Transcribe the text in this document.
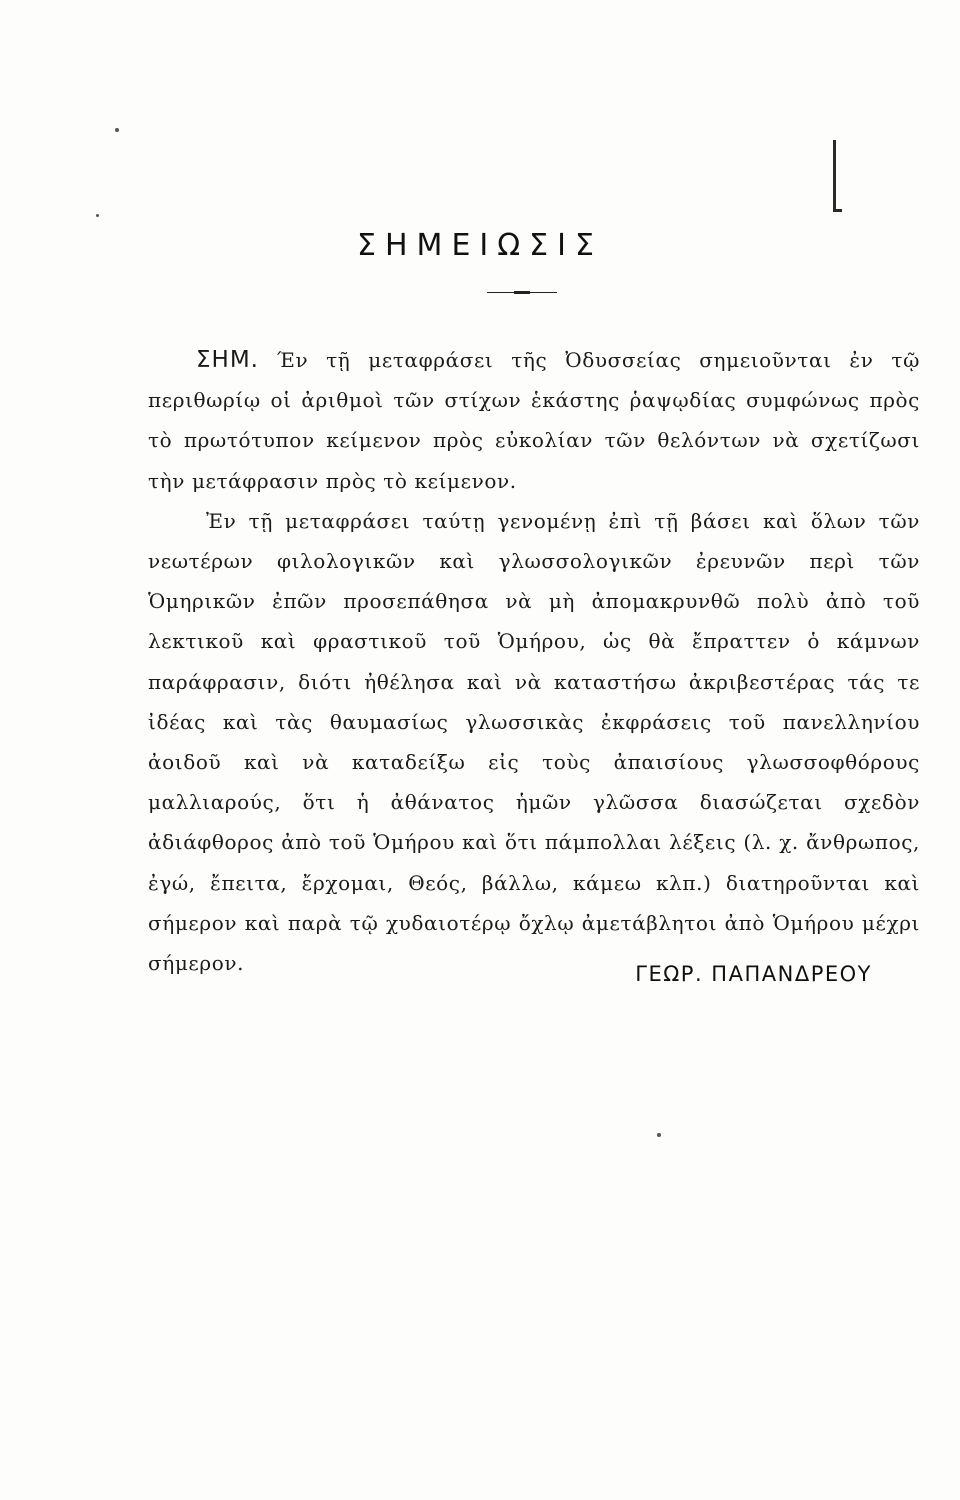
ΣΗΜΕΙΩΣΙΣ

ΣΗΜ. Έν τῇ μεταφράσει τῆς Ὀδυσσείας σημειοῦνται ἐν τῷ περιθωρίῳ οἱ ἀριθμοὶ τῶν στίχων ἑκάστης ῥαψῳδίας συμφώνως πρὸς τὸ πρωτότυπον κείμενον πρὸς εὐκολίαν τῶν θελόντων νὰ σχετίζωσι τὴν μετάφρασιν πρὸς τὸ κείμενον.

Ἐν τῇ μεταφράσει ταύτῃ γενομένῃ ἐπὶ τῇ βάσει καὶ ὅλων τῶν νεωτέρων φιλολογικῶν καὶ γλωσσολογικῶν ἐρευνῶν περὶ τῶν Ὁμηρικῶν ἐπῶν προσεπάθησα νὰ μὴ ἀπομακρυνθῶ πολὺ ἀπὸ τοῦ λεκτικοῦ καὶ φραστικοῦ τοῦ Ὁμήρου, ὡς θὰ ἔπραττεν ὁ κάμνων παράφρασιν, διότι ἠθέλησα καὶ νὰ καταστήσω ἀκριβεστέρας τάς τε ἰδέας καὶ τὰς θαυμασίως γλωσσικὰς ἐκφράσεις τοῦ πανελληνίου ἀοιδοῦ καὶ νὰ καταδείξω εἰς τοὺς ἀπαισίους γλωσσοφθόρους μαλλιαρούς, ὅτι ἡ ἀθάνατος ἡμῶν γλῶσσα διασώζεται σχεδὸν ἀδιάφθορος ἀπὸ τοῦ Ὁμήρου καὶ ὅτι πάμπολλαι λέξεις (λ. χ. ἄνθρωπος, ἐγώ, ἔπειτα, ἔρχομαι, Θεός, βάλλω, κάμεω κλπ.) διατηροῦνται καὶ σήμερον καὶ παρὰ τῷ χυδαιοτέρῳ ὄχλῳ ἀμετάβλητοι ἀπὸ Ὁμήρου μέχρι σήμερον.	ΓΕΩΡ. ΠΑΠΑΝΔΡΕΟΥ
